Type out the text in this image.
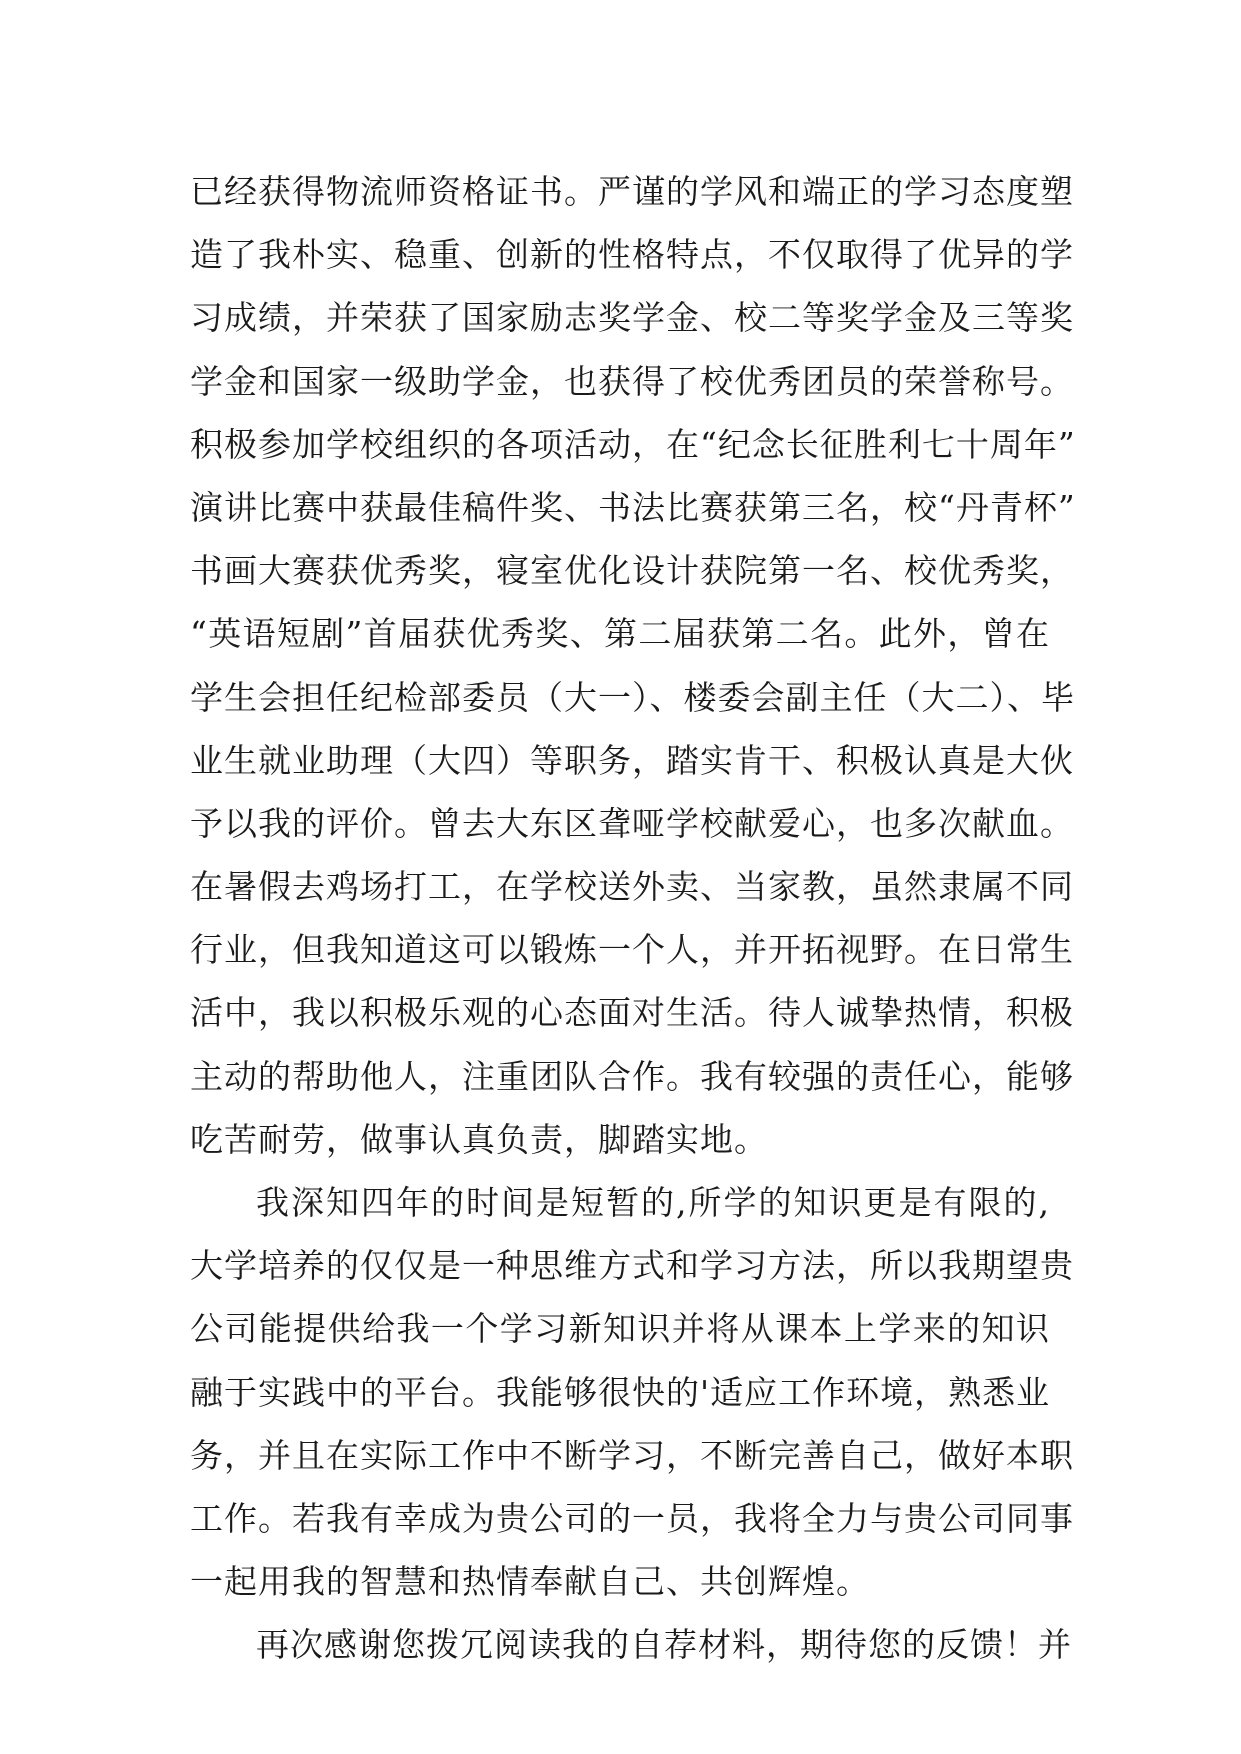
已经获得物流师资格证书。严谨的学风和端正的学习态度塑
造了我朴实、稳重、创新的性格特点，不仅取得了优异的学
习成绩，并荣获了国家励志奖学金、校二等奖学金及三等奖
学金和国家一级助学金，也获得了校优秀团员的荣誉称号。
积极参加学校组织的各项活动，在“纪念长征胜利七十周年”
演讲比赛中获最佳稿件奖、书法比赛获第三名，校“丹青杯”
书画大赛获优秀奖，寝室优化设计获院第一名、校优秀奖，
“英语短剧”首届获优秀奖、第二届获第二名。此外，曾在
学生会担任纪检部委员（大一）、楼委会副主任（大二）、毕
业生就业助理（大四）等职务，踏实肯干、积极认真是大伙
予以我的评价。曾去大东区聋哑学校献爱心，也多次献血。
在暑假去鸡场打工，在学校送外卖、当家教，虽然隶属不同
行业，但我知道这可以锻炼一个人，并开拓视野。在日常生
活中，我以积极乐观的心态面对生活。待人诚挚热情，积极
主动的帮助他人，注重团队合作。我有较强的责任心，能够
吃苦耐劳，做事认真负责，脚踏实地。
我深知四年的时间是短暂的,所学的知识更是有限的,
大学培养的仅仅是一种思维方式和学习方法，所以我期望贵
公司能提供给我一个学习新知识并将从课本上学来的知识
融于实践中的平台。我能够很快的'适应工作环境，熟悉业
务，并且在实际工作中不断学习，不断完善自己，做好本职
工作。若我有幸成为贵公司的一员，我将全力与贵公司同事
一起用我的智慧和热情奉献自己、共创辉煌。
再次感谢您拨冗阅读我的自荐材料，期待您的反馈！并
